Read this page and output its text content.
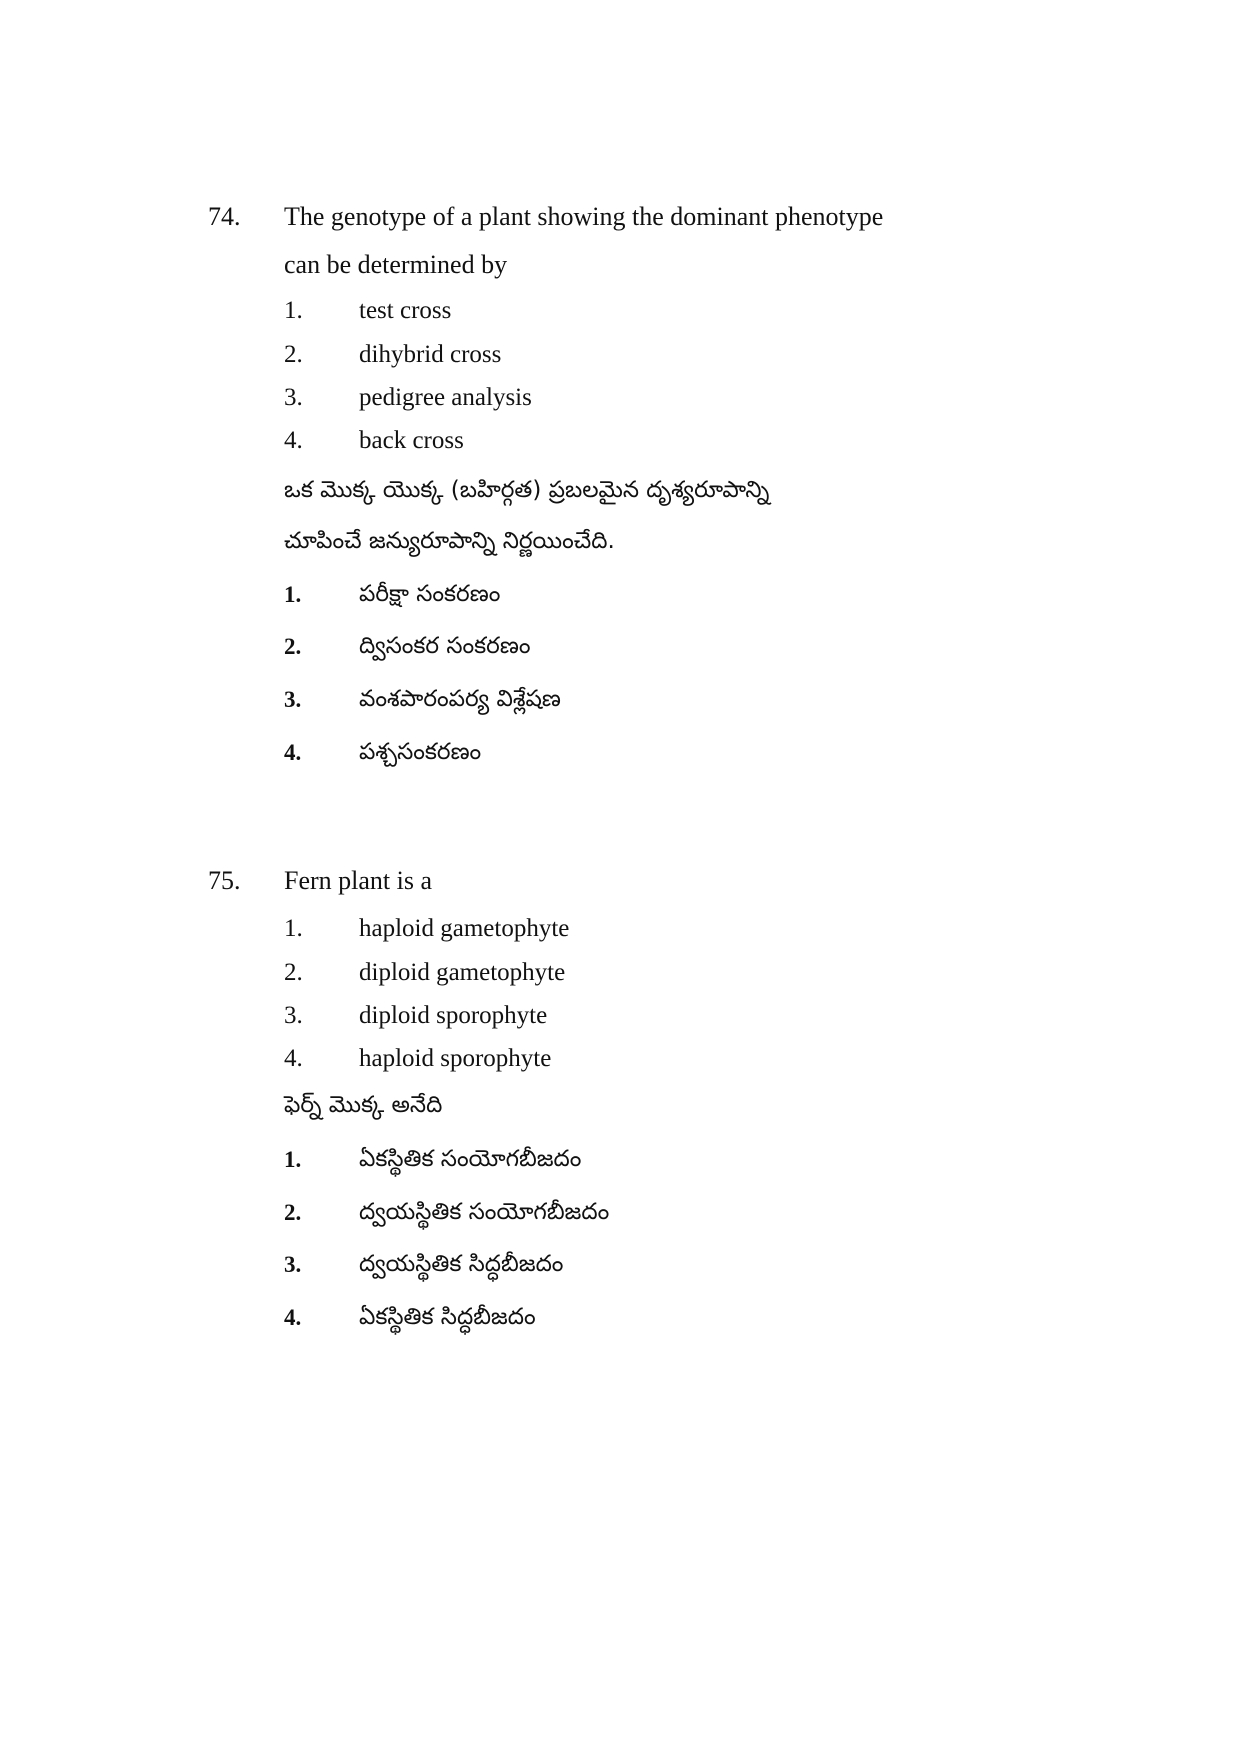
74. The genotype of a plant showing the dominant phenotype
can be determined by
1. test cross
2. dihybrid cross
3. pedigree analysis
4. back cross
ఒక మొక్క యొక్క (బహిర్గత) ప్రబలమైన దృశ్యరూపాన్ని
చూపించే జన్యురూపాన్ని నిర్ణయించేది.
1.	పరీక్షా సంకరణం
2.	ద్విసంకర సంకరణం
3.	వంశపారంపర్య విశ్లేషణ
4.	పశ్చసంకరణం
75. Fern plant is a
1. haploid gametophyte
2. diploid gametophyte
3. diploid sporophyte
4. haploid sporophyte
ఫెర్న్ మొక్క అనేది
1.	ఏకస్థితిక సంయోగబీజదం
2.	ద్వయస్థితిక సంయోగబీజదం
3.	ద్వయస్థితిక సిద్ధబీజదం
4.	ఏకస్థితిక సిద్ధబీజదం
